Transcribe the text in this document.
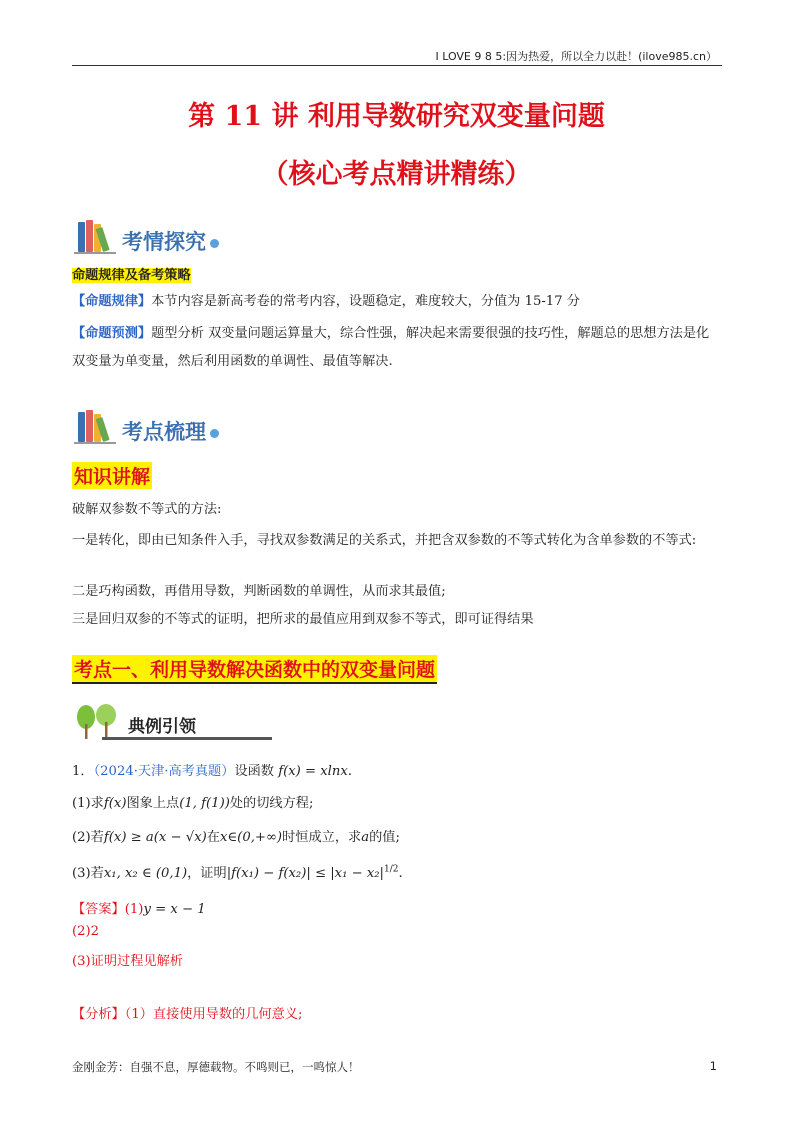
I LOVE 9 8 5:因为热爱，所以全力以赴！(ilove985.cn）
第 11 讲 利用导数研究双变量问题
（核心考点精讲精练）
考情探究
命题规律及备考策略
【命题规律】本节内容是新高考卷的常考内容，设题稳定，难度较大，分值为 15-17 分
【命题预测】题型分析 双变量问题运算量大，综合性强，解决起来需要很强的技巧性，解题总的思想方法是化双变量为单变量，然后利用函数的单调性、最值等解决.
考点梳理
知识讲解
破解双参数不等式的方法:
一是转化，即由已知条件入手，寻找双参数满足的关系式，并把含双参数的不等式转化为含单参数的不等式:
二是巧构函数，再借用导数，判断函数的单调性，从而求其最值;
三是回归双参的不等式的证明，把所求的最值应用到双参不等式，即可证得结果
考点一、利用导数解决函数中的双变量问题
典例引领
1．（2024·天津·高考真题）设函数 f(x) = xlnx.
(1)求f(x)图象上点(1, f(1))处的切线方程;
(2)若f(x) ≥ a(x − √x)在x∈(0,+∞)时恒成立，求a的值;
(3)若x₁, x₂ ∈ (0,1)，证明$|f(x_1) - f(x_2)| \le |x_1 - x_2|^{1/2}$.
【答案】(1)y = x − 1
(2)2
(3)证明过程见解析
【分析】（1）直接使用导数的几何意义;
金刚金芳：自强不息，厚德载物。不鸣则已，一鸣惊人！	1
